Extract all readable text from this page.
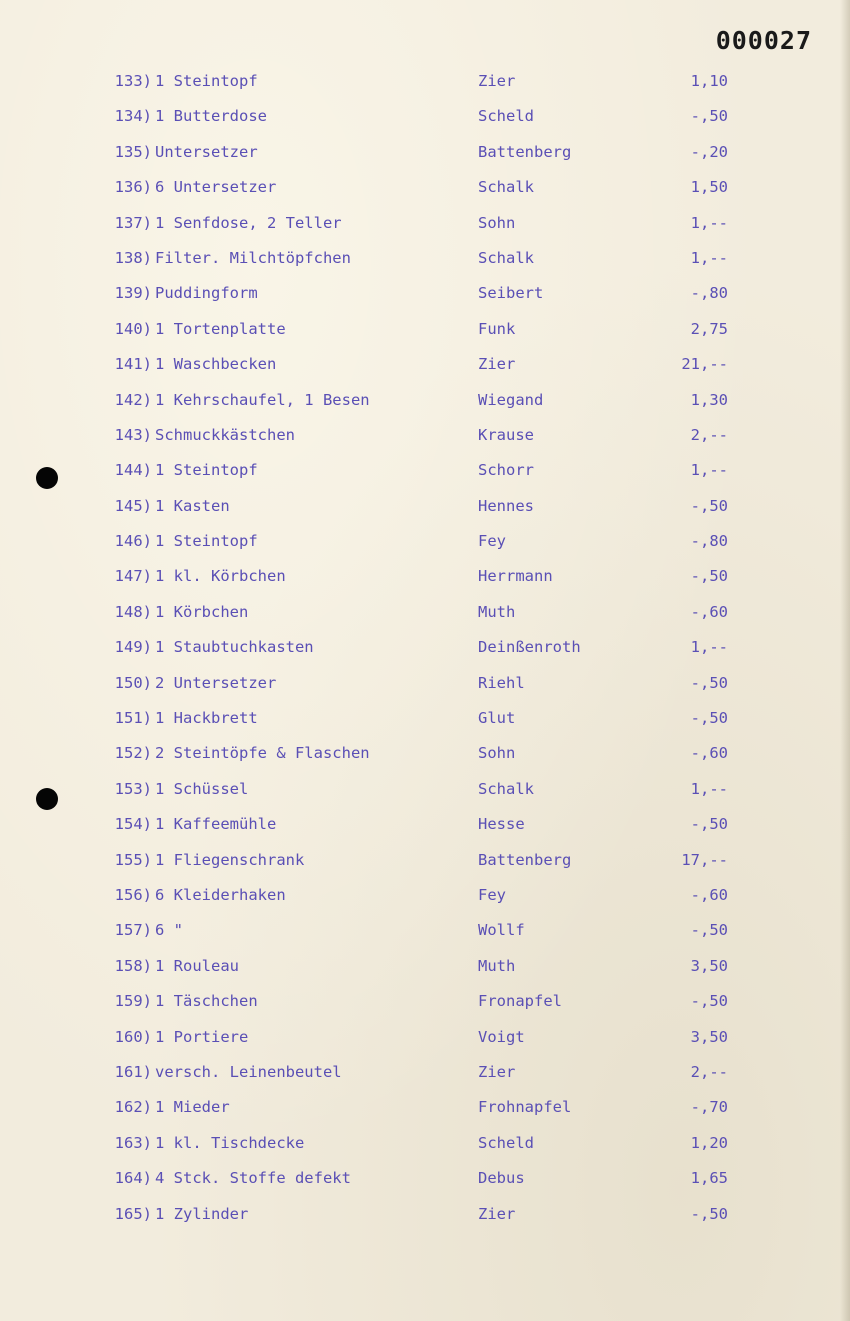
000027
133) 1 Steintopf	Zier	1,10
134) 1 Butterdose	Scheld	-,50
135) Untersetzer	Battenberg	-,20
136) 6 Untersetzer	Schalk	1,50
137) 1 Senfdose, 2 Teller	Sohn	1,--
138) Filter. Milchtöpfchen	Schalk	1,--
139) Puddingform	Seibert	-,80
140) 1 Tortenplatte	Funk	2,75
141) 1 Waschbecken	Zier	21,--
142) 1 Kehrschaufel, 1 Besen	Wiegand	1,30
143) Schmuckkästchen	Krause	2,--
144) 1 Steintopf	Schorr	1,--
145) 1 Kasten	Hennes	-,50
146) 1 Steintopf	Fey	-,80
147) 1 kl. Körbchen	Herrmann	-,50
148) 1 Körbchen	Muth	-,60
149) 1 Staubtuchkasten	Deinßenroth	1,--
150) 2 Untersetzer	Riehl	-,50
151) 1 Hackbrett	Glut	-,50
152) 2 Steintöpfe & Flaschen	Sohn	-,60
153) 1 Schüssel	Schalk	1,--
154) 1 Kaffeemühle	Hesse	-,50
155) 1 Fliegenschrank	Battenberg	17,--
156) 6 Kleiderhaken	Fey	-,60
157) 6 "	Wollf	-,50
158) 1 Rouleau	Muth	3,50
159) 1 Täschchen	Fronapfel	-,50
160) 1 Portiere	Voigt	3,50
161) versch. Leinenbeutel	Zier	2,--
162) 1 Mieder	Frohnapfel	-,70
163) 1 kl. Tischdecke	Scheld	1,20
164) 4 Stck. Stoffe defekt	Debus	1,65
165) 1 Zylinder	Zier	-,50
